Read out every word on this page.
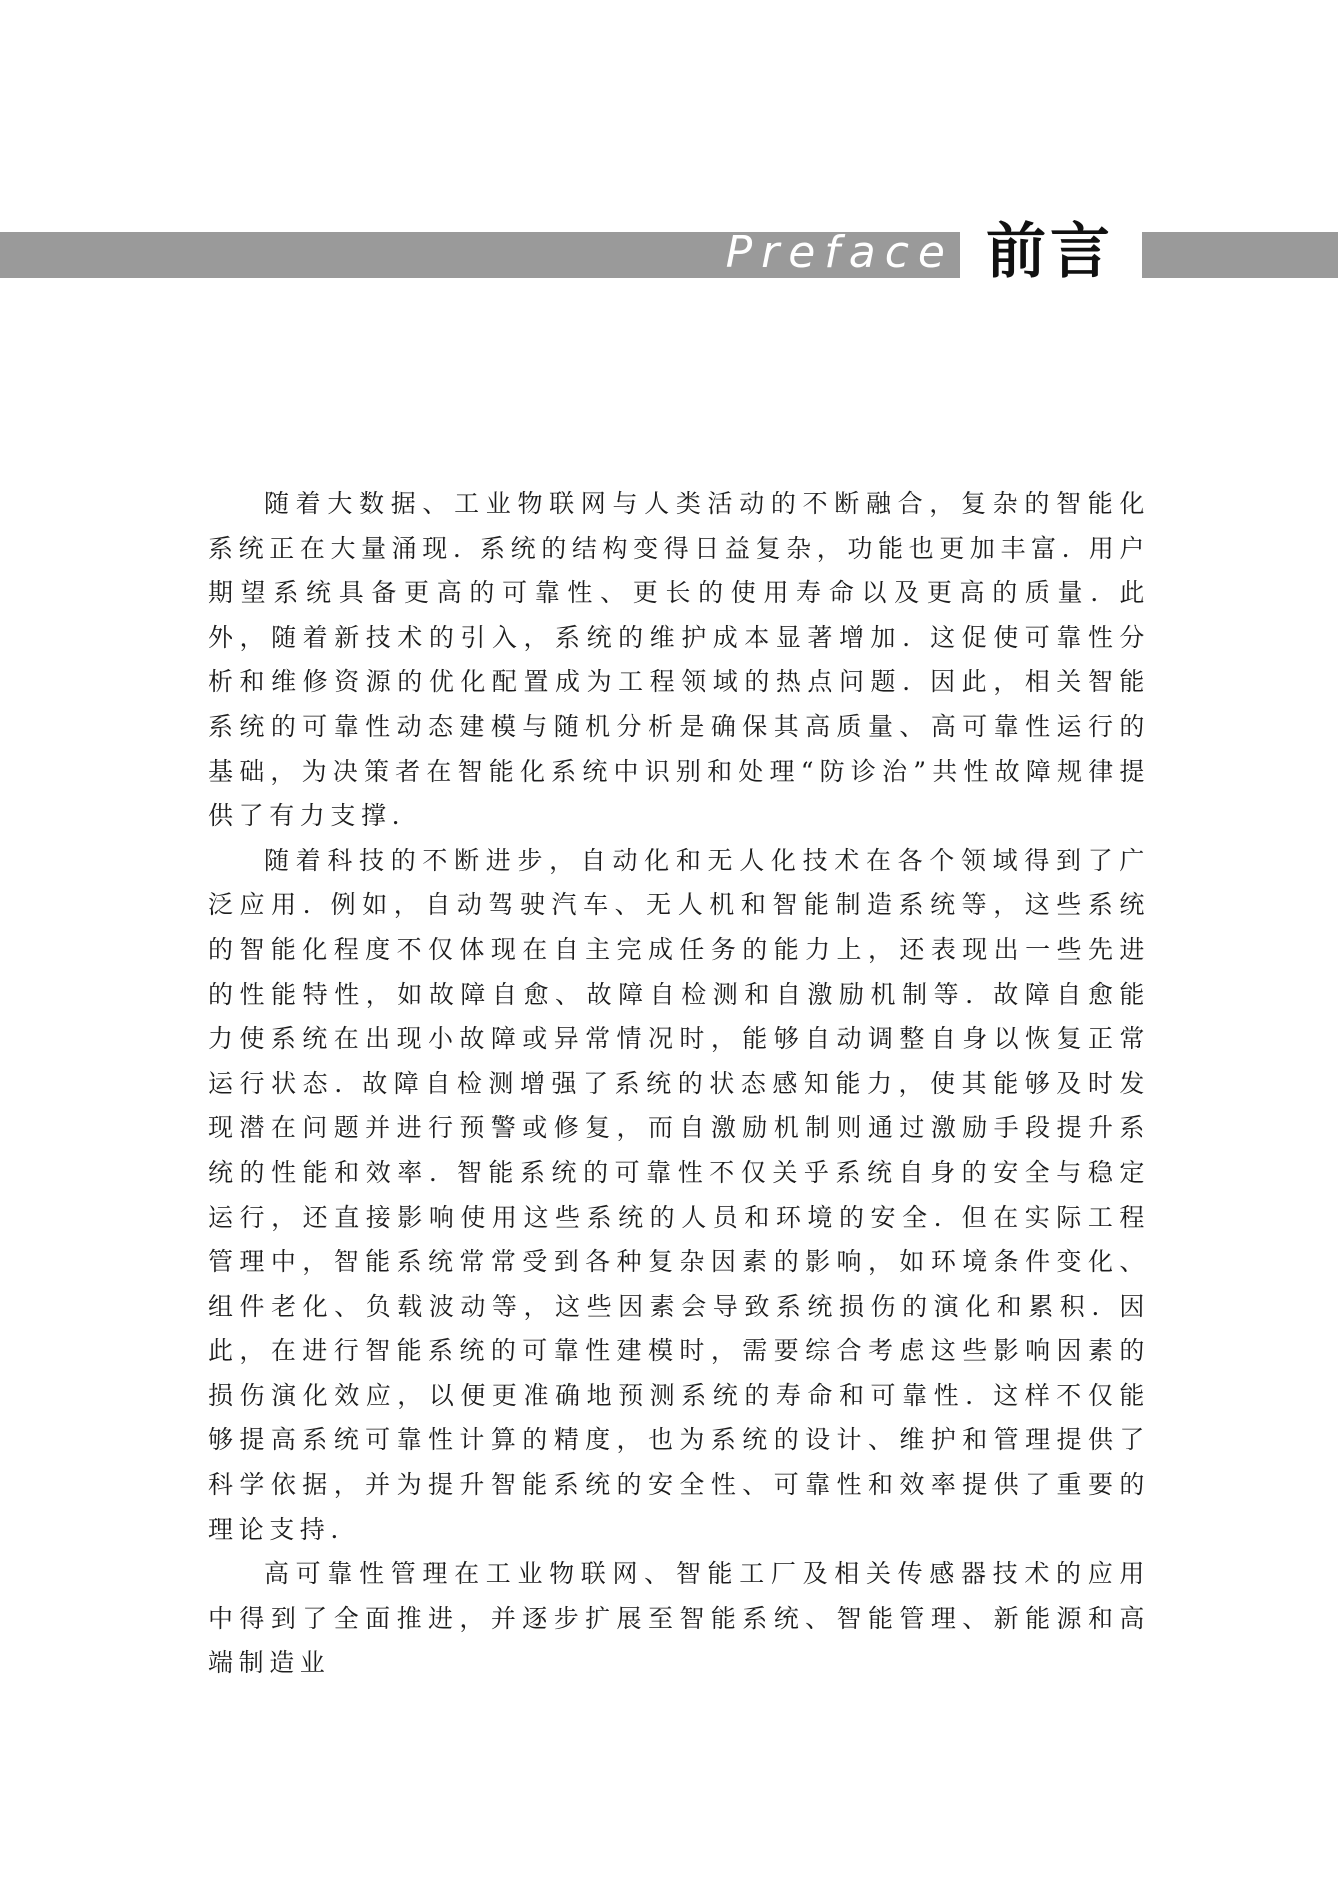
Preface 前言

随着大数据、工业物联网与人类活动的不断融合，复杂的智能化系统正在大量涌现. 系统的结构变得日益复杂，功能也更加丰富. 用户期望系统具备更高的可靠性、更长的使用寿命以及更高的质量. 此外，随着新技术的引入，系统的维护成本显著增加. 这促使可靠性分析和维修资源的优化配置成为工程领域的热点问题. 因此，相关智能系统的可靠性动态建模与随机分析是确保其高质量、高可靠性运行的基础，为决策者在智能化系统中识别和处理“防诊治”共性故障规律提供了有力支撑.

随着科技的不断进步，自动化和无人化技术在各个领域得到了广泛应用. 例如，自动驾驶汽车、无人机和智能制造系统等，这些系统的智能化程度不仅体现在自主完成任务的能力上，还表现出一些先进的性能特性，如故障自愈、故障自检测和自激励机制等. 故障自愈能力使系统在出现小故障或异常情况时，能够自动调整自身以恢复正常运行状态. 故障自检测增强了系统的状态感知能力，使其能够及时发现潜在问题并进行预警或修复，而自激励机制则通过激励手段提升系统的性能和效率. 智能系统的可靠性不仅关乎系统自身的安全与稳定运行，还直接影响使用这些系统的人员和环境的安全. 但在实际工程管理中，智能系统常常受到各种复杂因素的影响，如环境条件变化、组件老化、负载波动等，这些因素会导致系统损伤的演化和累积. 因此，在进行智能系统的可靠性建模时，需要综合考虑这些影响因素的损伤演化效应，以便更准确地预测系统的寿命和可靠性. 这样不仅能够提高系统可靠性计算的精度，也为系统的设计、维护和管理提供了科学依据，并为提升智能系统的安全性、可靠性和效率提供了重要的理论支持.

高可靠性管理在工业物联网、智能工厂及相关传感器技术的应用中得到了全面推进，并逐步扩展至智能系统、智能管理、新能源和高端制造业
